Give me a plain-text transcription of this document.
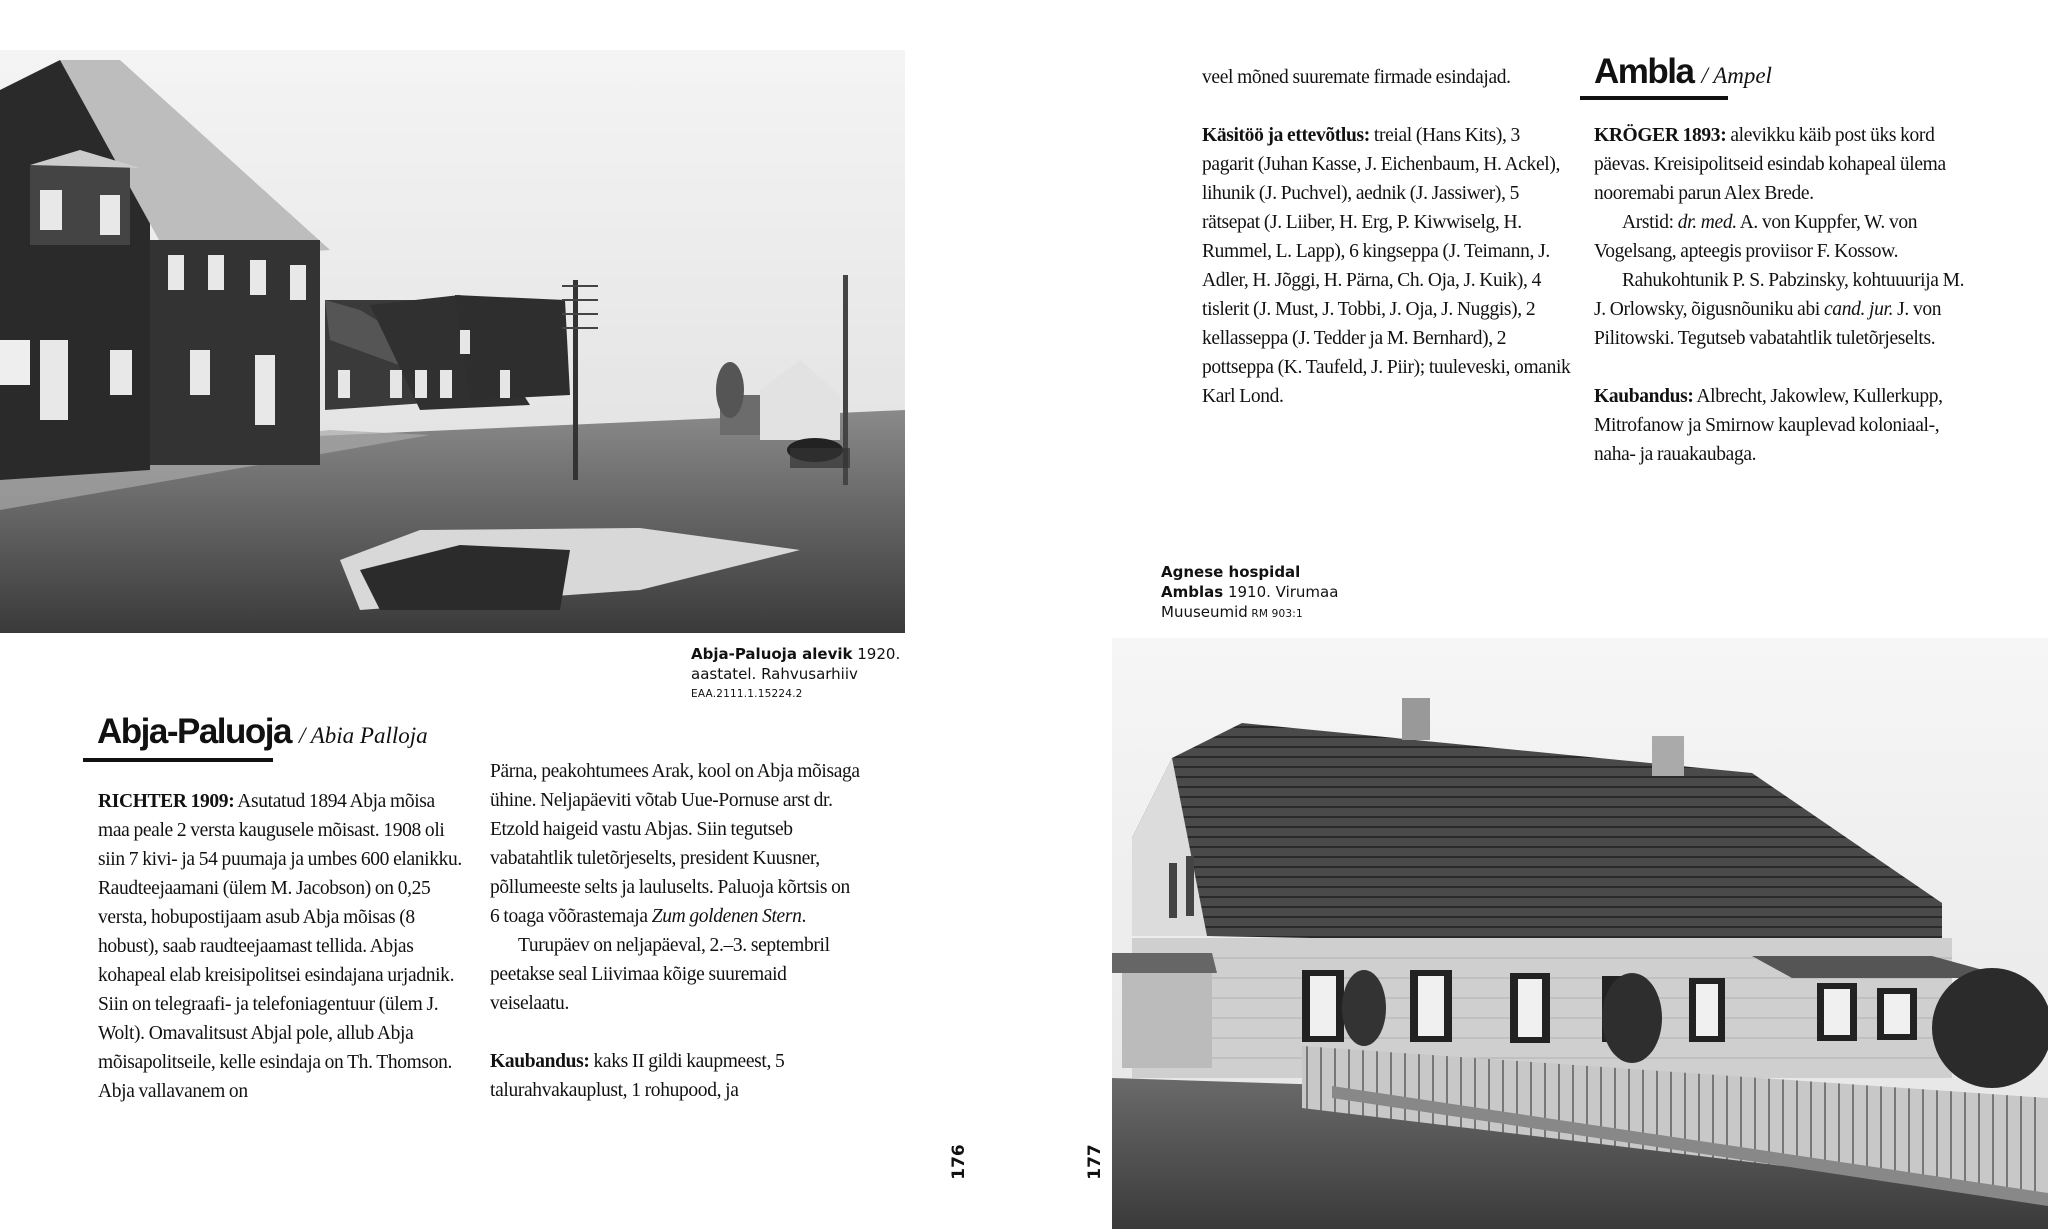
Abja-Paluoja alevik 1920.
aastatel. Rahvusarhiiv
EAA.2111.1.15224.2
Abja-Paluoja / Abia Palloja

RICHTER 1909: Asutatud 1894 Abja mõisa maa peale 2 versta kaugusele mõisast. 1908 oli siin 7 kivi- ja 54 puumaja ja umbes 600 elanikku. Raudteejaamani (ülem M. Jacobson) on 0,25 versta, hobupostijaam asub Abja mõisas (8 hobust), saab raudteejaamast tellida. Abjas kohapeal elab kreisipolitsei esindajana urjadnik. Siin on telegraafi- ja telefoniagentuur (ülem J. Wolt). Omavalitsust Abjal pole, allub Abja mõisapolitseile, kelle esindaja on Th. Thomson. Abja vallavanem on

Pärna, peakohtumees Arak, kool on Abja mõisaga ühine. Neljapäeviti võtab Uue-Pornuse arst dr. Etzold haigeid vastu Abjas. Siin tegutseb vabatahtlik tuletõrjeselts, president Kuusner, põllumeeste selts ja lauluselts. Paluoja kõrtsis on 6 toaga võõrastemaja Zum goldenen Stern.

Turupäev on neljapäeval, 2.–3. septembril peetakse seal Liivimaa kõige suuremaid veiselaatu.

Kaubandus: kaks II gildi kaupmeest, 5 talurahvakauplust, 1 rohupood, ja

176	177

veel mõned suuremate firmade esindajad.

Käsitöö ja ettevõtlus: treial (Hans Kits), 3 pagarit (Juhan Kasse, J. Eichenbaum, H. Ackel), lihunik (J. Puchvel), aednik (J. Jassiwer), 5 rätsepat (J. Liiber, H. Erg, P. Kiwwiselg, H. Rummel, L. Lapp), 6 kingseppa (J. Teimann, J. Adler, H. Jõggi, H. Pärna, Ch. Oja, J. Kuik), 4 tislerit (J. Must, J. Tobbi, J. Oja, J. Nuggis), 2 kellasseppa (J. Tedder ja M. Bernhard), 2 pottseppa (K. Taufeld, J. Piir); tuuleveski, omanik Karl Lond.

Ambla / Ampel

KRÖGER 1893: alevikku käib post üks kord päevas. Kreisipolitseid esindab kohapeal ülema nooremabi parun Alex Brede.

Arstid: dr. med. A. von Kuppfer, W. von Vogelsang, apteegis proviisor F. Kossow.

Rahukohtunik P. S. Pabzinsky, kohtuuurija M. J. Orlowsky, õigusnõuniku abi cand. jur. J. von Pilitowski. Tegutseb vabatahtlik tuletõrjeselts.

Kaubandus: Albrecht, Jakowlew, Kullerkupp, Mitrofanow ja Smirnow kauplevad koloniaal-, naha- ja rauakaubaga.

Agnese hospidal
Amblas 1910. Virumaa
Muuseumid RM 903:1
